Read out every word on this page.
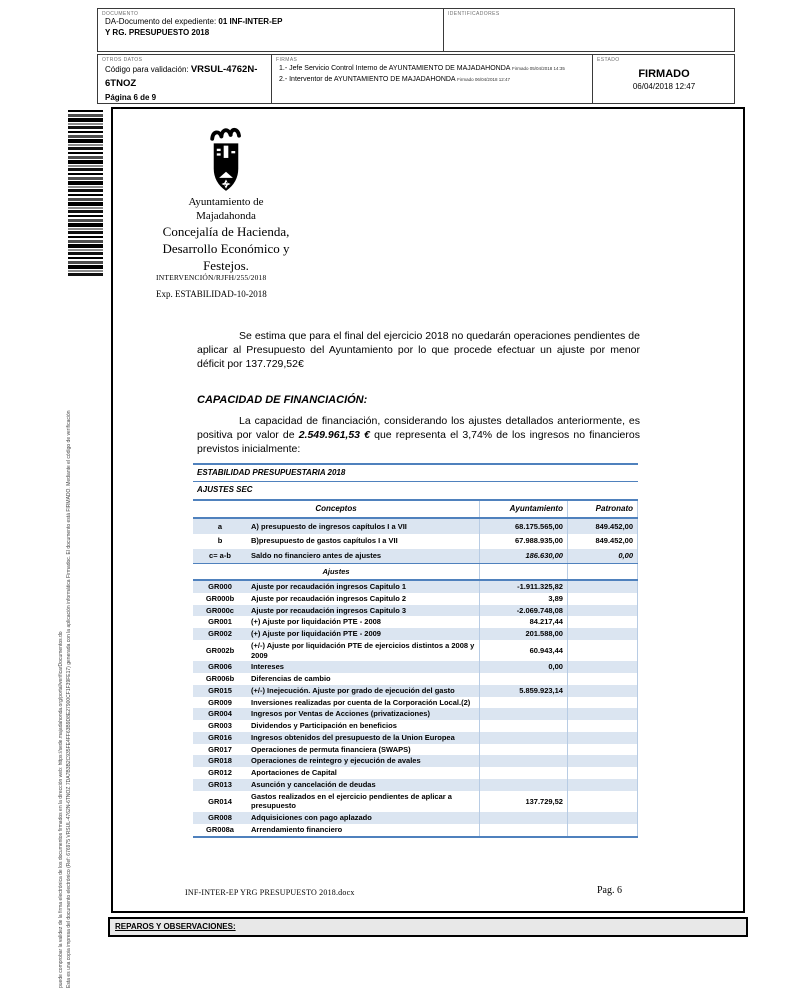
DOCUMENTO
DA-Documento del expediente: 01 INF-INTER-EP
Y RG. PRESUPUESTO 2018
IDENTIFICADORES
OTROS DATOS
Código para validación: VRSUL-4762N-6TNOZ
Página 6 de 9
FIRMAS
1.- Jefe Servicio Control Interno de AYUNTAMIENTO DE MAJADAHONDA Firmado 05/04/2018 14:35
2.- Interventor de AYUNTAMIENTO DE MAJADAHONDA Firmado 06/04/2018 12:47
ESTADO
FIRMADO
06/04/2018 12:47
puede comprobar la validez de la firma electrónica de los documentos firmados en la dirección web: https://sede.majadahonda.org/portal/verificarDocumentos.do Esta es una copia impresa del documento electrónico (Ref: 676975 VRSUL-4762N-6TNOZ 7DA7B3B2C935FE4FF63B9D8E27900CF1F39FE17) generada con la aplicación informática Firmadoc. El documento está FIRMADO. Mediante el código de verificación
Ayuntamiento de
Majadahonda
Concejalía de Hacienda,
Desarrollo Económico y
Festejos.
INTERVENCIÓN/RJFH/255/2018
Exp. ESTABILIDAD-10-2018

Se estima que para el final del ejercicio 2018 no quedarán operaciones pendientes de aplicar al Presupuesto del Ayuntamiento por lo que procede efectuar un ajuste por menor déficit por 137.729,52€

CAPACIDAD DE FINANCIACIÓN:

La capacidad de financiación, considerando los ajustes detallados anteriormente, es positiva por valor de 2.549.961,53 € que representa el 3,74% de los ingresos no financieros previstos inicialmente:

ESTABILIDAD PRESUPUESTARIA 2018			
AJUSTES SEC			
Conceptos		Ayuntamiento	Patronato
a	A) presupuesto de ingresos capítulos I a VII	68.175.565,00	849.452,00
b	B)presupuesto de gastos capítulos I a VII	67.988.935,00	849.452,00
c= a-b	Saldo no financiero antes de ajustes	186.630,00	0,00
Ajustes			
GR000	Ajuste por recaudación ingresos Capitulo 1	-1.911.325,82	
GR000b	Ajuste por recaudación ingresos Capitulo 2	3,89	
GR000c	Ajuste por recaudación ingresos Capitulo 3	-2.069.748,08	
GR001	(+) Ajuste por liquidación PTE - 2008	84.217,44	
GR002	(+) Ajuste por liquidación PTE - 2009	201.588,00	
GR002b	(+/-) Ajuste por liquidación PTE de ejercicios distintos a 2008 y 2009	60.943,44	
GR006	Intereses	0,00	
GR006b	Diferencias de cambio		
GR015	(+/-) Inejecución. Ajuste por grado de ejecución del gasto	5.859.923,14	
GR009	Inversiones realizadas por cuenta de la Corporación Local.(2)		
GR004	Ingresos por Ventas de Acciones (privatizaciones)		
GR003	Dividendos y Participación en beneficios		
GR016	Ingresos obtenidos del presupuesto de la Union Europea		
GR017	Operaciones de permuta financiera (SWAPS)		
GR018	Operaciones de reintegro y ejecución de avales		
GR012	Aportaciones de Capital		
GR013	Asunción y cancelación de deudas		
GR014	Gastos realizados en el ejercicio pendientes de aplicar a presupuesto	137.729,52	
GR008	Adquisiciones con pago aplazado		
GR008a	Arrendamiento financiero		
INF-INTER-EP YRG PRESUPUESTO 2018.docx	Pag. 6
REPAROS Y OBSERVACIONES:
